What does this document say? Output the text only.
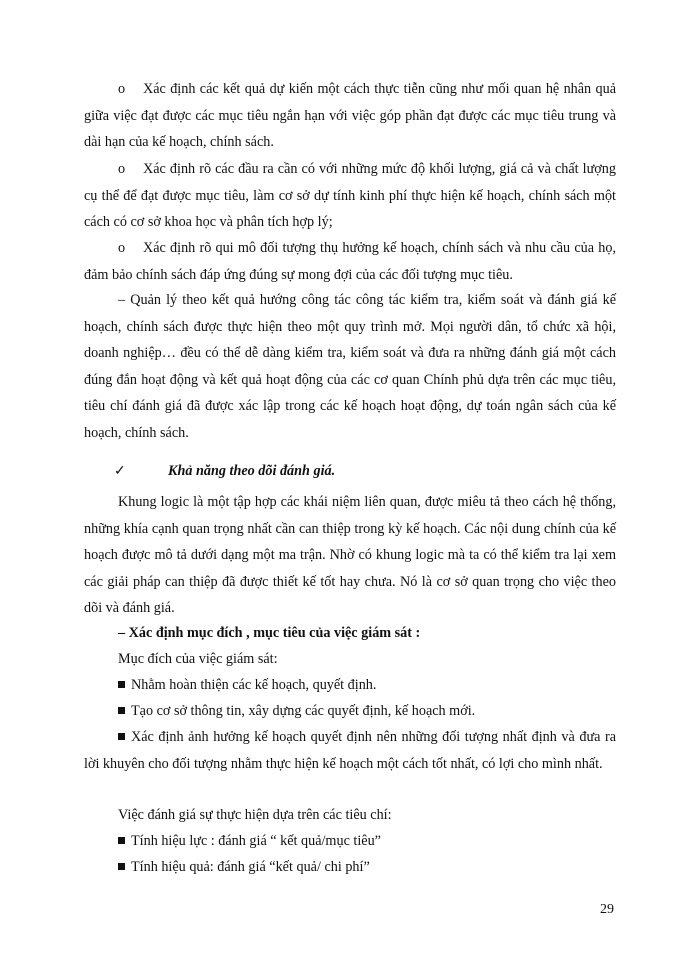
o Xác định các kết quả dự kiến một cách thực tiễn cũng như mối quan hệ nhân quả giữa việc đạt được các mục tiêu ngắn hạn với việc góp phần đạt được các mục tiêu trung và dài hạn của kế hoạch, chính sách.

o Xác định rõ các đầu ra cần có với những mức độ khối lượng, giá cả và chất lượng cụ thể để đạt được mục tiêu, làm cơ sở dự tính kinh phí thực hiện kế hoạch, chính sách một cách có cơ sở khoa học và phân tích hợp lý;

o Xác định rõ qui mô đối tượng thụ hưởng kế hoạch, chính sách và nhu cầu của họ, đảm bảo chính sách đáp ứng đúng sự mong đợi của các đối tượng mục tiêu.

– Quản lý theo kết quả hướng công tác công tác kiểm tra, kiểm soát và đánh giá kế hoạch, chính sách được thực hiện theo một quy trình mở. Mọi người dân, tổ chức xã hội, doanh nghiệp… đều có thể dễ dàng kiểm tra, kiểm soát và đưa ra những đánh giá một cách đúng đắn hoạt động và kết quả hoạt động của các cơ quan Chính phủ dựa trên các mục tiêu, tiêu chí đánh giá đã được xác lập trong các kế hoạch hoạt động, dự toán ngân sách của kế hoạch, chính sách.

✓	Khả năng theo dõi đánh giá.

Khung logic là một tập hợp các khái niệm liên quan, được miêu tả theo cách hệ thống, những khía cạnh quan trọng nhất cần can thiệp trong kỳ kế hoạch. Các nội dung chính của kế hoạch được mô tả dưới dạng một ma trận. Nhờ có khung logic mà ta có thể kiểm tra lại xem các giải pháp can thiệp đã được thiết kế tốt hay chưa. Nó là cơ sở quan trọng cho việc theo dõi và đánh giá.

– Xác định mục đích , mục tiêu của việc giám sát :

Mục đích của việc giám sát:

Nhằm hoàn thiện các kế hoạch, quyết định.

Tạo cơ sở thông tin, xây dựng các quyết định, kế hoạch mới.

Xác định ảnh hưởng kế hoạch quyết định nên những đối tượng nhất định và đưa ra lời khuyên cho đối tượng nhằm thực hiện kế hoạch một cách tốt nhất, có lợi cho mình nhất.

Việc đánh giá sự thực hiện dựa trên các tiêu chí:

Tính hiệu lực : đánh giá “ kết quả/mục tiêu”

Tính hiệu quả: đánh giá “kết quả/ chi phí”

29
